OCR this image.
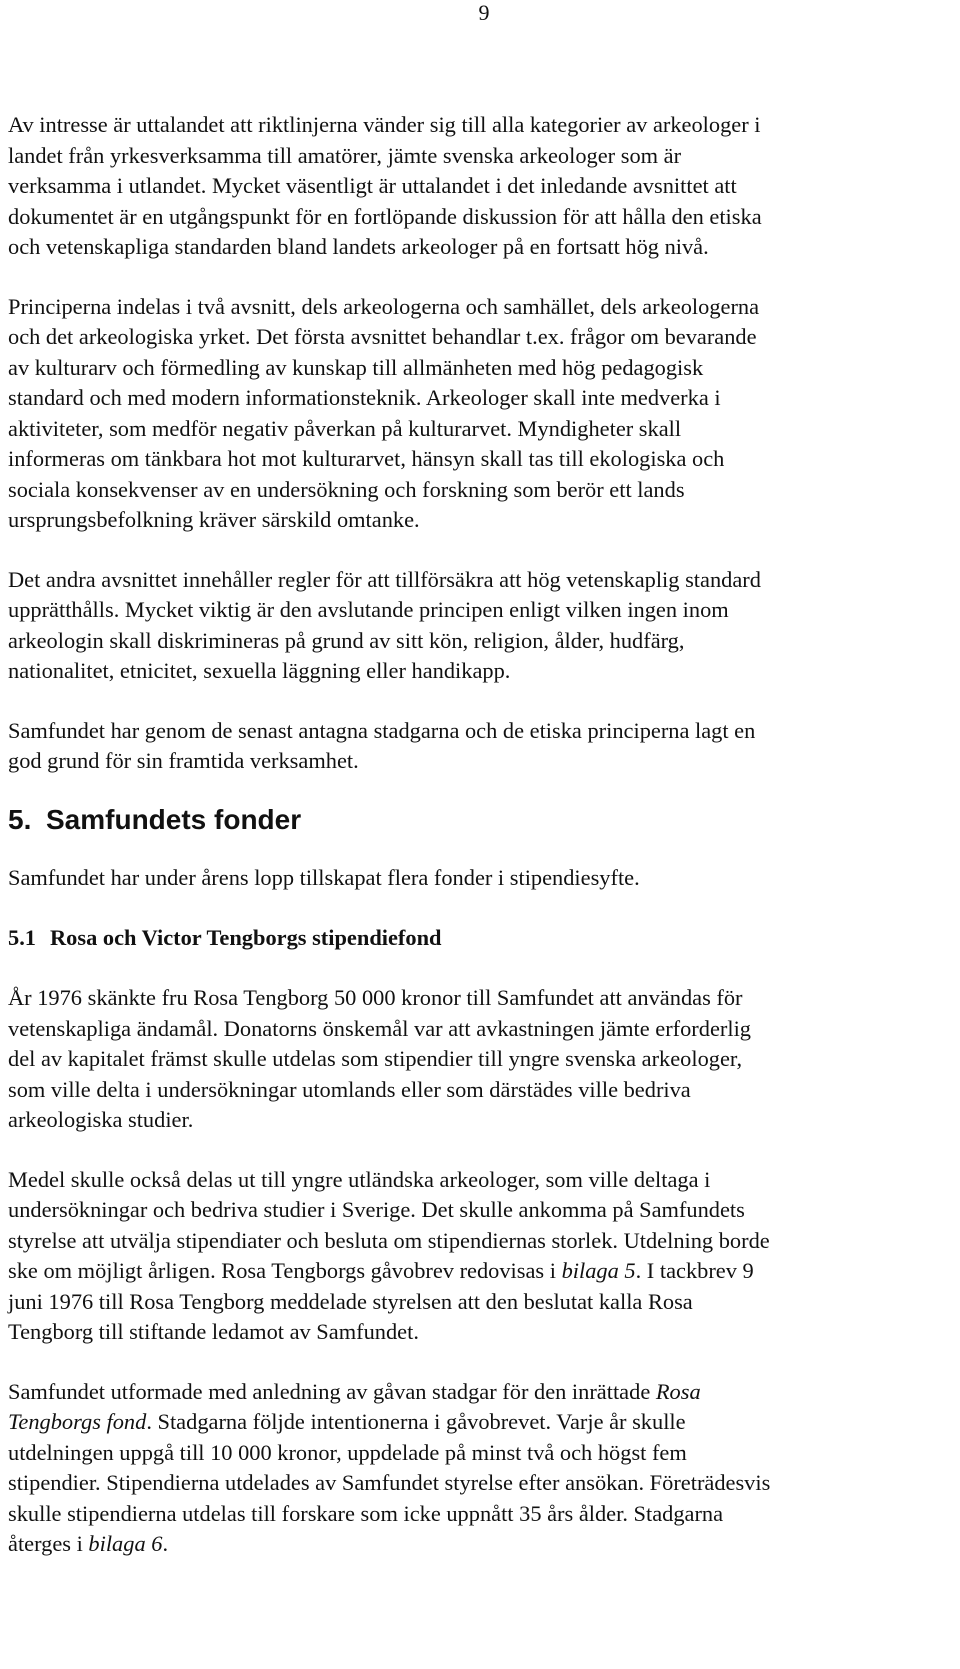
9

Av intresse är uttalandet att riktlinjerna vänder sig till alla kategorier av arkeologer i
landet från yrkesverksamma till amatörer, jämte svenska arkeologer som är
verksamma i utlandet. Mycket väsentligt är uttalandet i det inledande avsnittet att
dokumentet är en utgångspunkt för en fortlöpande diskussion för att hålla den etiska
och vetenskapliga standarden bland landets arkeologer på en fortsatt hög nivå.

Principerna indelas i två avsnitt, dels arkeologerna och samhället, dels arkeologerna
och det arkeologiska yrket. Det första avsnittet behandlar t.ex. frågor om bevarande
av kulturarv och förmedling av kunskap till allmänheten med hög pedagogisk
standard och med modern informationsteknik. Arkeologer skall inte medverka i
aktiviteter, som medför negativ påverkan på kulturarvet. Myndigheter skall
informeras om tänkbara hot mot kulturarvet, hänsyn skall tas till ekologiska och
sociala konsekvenser av en undersökning och forskning som berör ett lands
ursprungsbefolkning kräver särskild omtanke.

Det andra avsnittet innehåller regler för att tillförsäkra att hög vetenskaplig standard
upprätthålls. Mycket viktig är den avslutande principen enligt vilken ingen inom
arkeologin skall diskrimineras på grund av sitt kön, religion, ålder, hudfärg,
nationalitet, etnicitet, sexuella läggning eller handikapp.

Samfundet har genom de senast antagna stadgarna och de etiska principerna lagt en
god grund för sin framtida verksamhet.

5. Samfundets fonder

Samfundet har under årens lopp tillskapat flera fonder i stipendiesyfte.

5.1 Rosa och Victor Tengborgs stipendiefond

År 1976 skänkte fru Rosa Tengborg 50 000 kronor till Samfundet att användas för
vetenskapliga ändamål. Donatorns önskemål var att avkastningen jämte erforderlig
del av kapitalet främst skulle utdelas som stipendier till yngre svenska arkeologer,
som ville delta i undersökningar utomlands eller som därstädes ville bedriva
arkeologiska studier.

Medel skulle också delas ut till yngre utländska arkeologer, som ville deltaga i
undersökningar och bedriva studier i Sverige. Det skulle ankomma på Samfundets
styrelse att utvälja stipendiater och besluta om stipendiernas storlek. Utdelning borde
ske om möjligt årligen. Rosa Tengborgs gåvobrev redovisas i bilaga 5. I tackbrev 9
juni 1976 till Rosa Tengborg meddelade styrelsen att den beslutat kalla Rosa
Tengborg till stiftande ledamot av Samfundet.

Samfundet utformade med anledning av gåvan stadgar för den inrättade Rosa
Tengborgs fond. Stadgarna följde intentionerna i gåvobrevet. Varje år skulle
utdelningen uppgå till 10 000 kronor, uppdelade på minst två och högst fem
stipendier. Stipendierna utdelades av Samfundet styrelse efter ansökan. Företrädesvis
skulle stipendierna utdelas till forskare som icke uppnått 35 års ålder. Stadgarna
återges i bilaga 6.
